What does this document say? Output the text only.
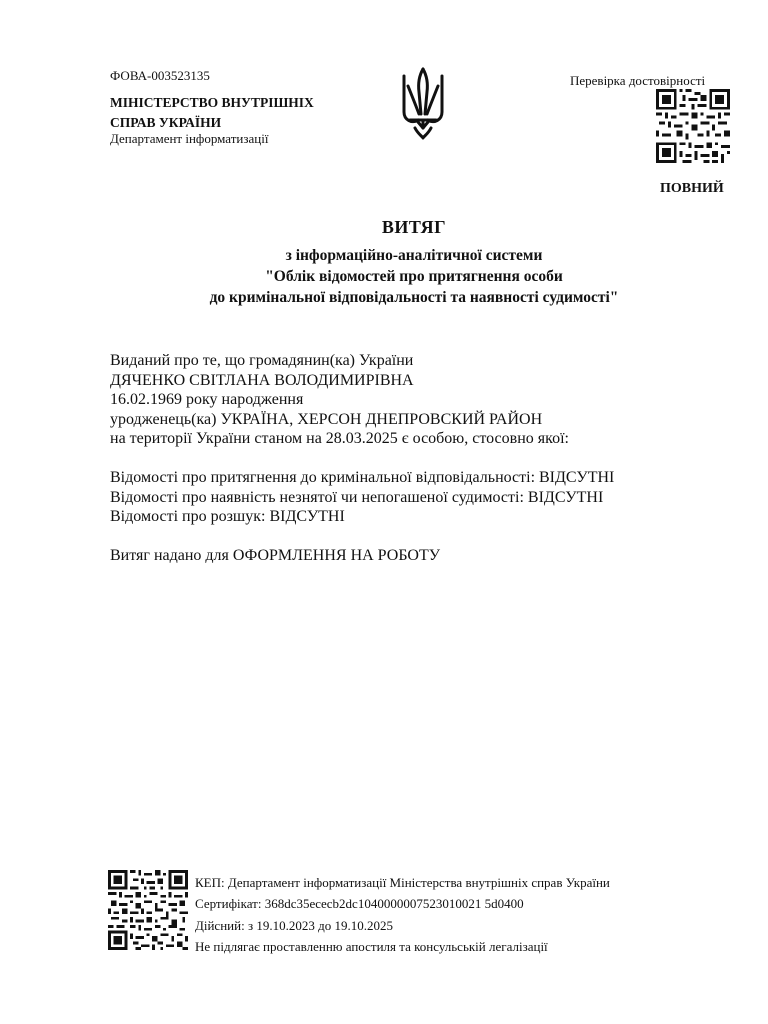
ФОВА-003523135
МІНІСТЕРСТВО ВНУТРІШНІХ
СПРАВ УКРАЇНИ
Департамент інформатизації
Перевірка достовірності
ПОВНИЙ
ВИТЯГ
з інформаційно-аналітичної системи
"Облік відомостей про притягнення особи
до кримінальної відповідальності та наявності судимості"
Виданий про те, що громадянин(ка) України
ДЯЧЕНКО СВІТЛАНА ВОЛОДИМИРІВНА
16.02.1969 року народження
уродженець(ка) УКРАЇНА, ХЕРСОН ДНЕПРОВСКИЙ РАЙОН
на території України станом на 28.03.2025 є особою, стосовно якої:
Відомості про притягнення до кримінальної відповідальності: ВІДСУТНІ
Відомості про наявність незнятої чи непогашеної судимості: ВІДСУТНІ
Відомості про розшук: ВІДСУТНІ
Витяг надано для ОФОРМЛЕННЯ НА РОБОТУ
КЕП: Департамент інформатизації Міністерства внутрішніх справ України
Сертифікат: 368dc35ececb2dc1040000007523010021 5d0400
Дійсний: з 19.10.2023 до 19.10.2025
Не підлягає проставленню апостиля та консульській легалізації
